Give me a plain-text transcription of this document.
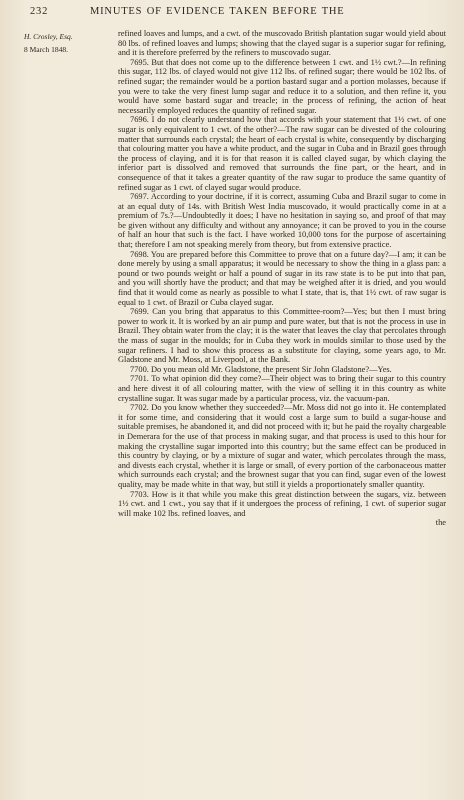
232	MINUTES OF EVIDENCE TAKEN BEFORE THE
H. Crosley, Esq.
8 March 1848.

refined loaves and lumps, and a cwt. of the muscovado British plantation sugar would yield about 80 lbs. of refined loaves and lumps; showing that the clayed sugar is a superior sugar for refining, and it is therefore preferred by the refiners to muscovado sugar.

7695. But that does not come up to the difference between 1 cwt. and 1½ cwt.?—In refining this sugar, 112 lbs. of clayed would not give 112 lbs. of refined sugar; there would be 102 lbs. of refined sugar; the remainder would be a portion bastard sugar and a portion molasses, because if you were to take the very finest lump sugar and reduce it to a solution, and then refine it, you would have some bastard sugar and treacle; in the process of refining, the action of heat necessarily employed reduces the quantity of refined sugar.

7696. I do not clearly understand how that accords with your statement that 1½ cwt. of one sugar is only equivalent to 1 cwt. of the other?—The raw sugar can be divested of the colouring matter that surrounds each crystal; the heart of each crystal is white, consequently by discharging that colouring matter you have a white product, and the sugar in Cuba and in Brazil goes through the process of claying, and it is for that reason it is called clayed sugar, by which claying the inferior part is dissolved and removed that surrounds the fine part, or the heart, and in consequence of that it takes a greater quantity of the raw sugar to produce the same quantity of refined sugar as 1 cwt. of clayed sugar would produce.

7697. According to your doctrine, if it is correct, assuming Cuba and Brazil sugar to come in at an equal duty of 14s. with British West India muscovado, it would practically come in at a premium of 7s.?—Undoubtedly it does; I have no hesitation in saying so, and proof of that may be given without any difficulty and without any annoyance; it can be proved to you in the course of half an hour that such is the fact. I have worked 10,000 tons for the purpose of ascertaining that; therefore I am not speaking merely from theory, but from extensive practice.

7698. You are prepared before this Committee to prove that on a future day?—I am; it can be done merely by using a small apparatus; it would be necessary to show the thing in a glass pan: a pound or two pounds weight or half a pound of sugar in its raw state is to be put into that pan, and you will shortly have the product; and that may be weighed after it is dried, and you would find that it would come as nearly as possible to what I state, that is, that 1½ cwt. of raw sugar is equal to 1 cwt. of Brazil or Cuba clayed sugar.

7699. Can you bring that apparatus to this Committee-room?—Yes; but then I must bring power to work it. It is worked by an air pump and pure water, but that is not the process in use in Brazil. They obtain water from the clay; it is the water that leaves the clay that percolates through the mass of sugar in the moulds; for in Cuba they work in moulds similar to those used by the sugar refiners. I had to show this process as a substitute for claying, some years ago, to Mr. Gladstone and Mr. Moss, at Liverpool, at the Bank.

7700. Do you mean old Mr. Gladstone, the present Sir John Gladstone?—Yes.

7701. To what opinion did they come?—Their object was to bring their sugar to this country and here divest it of all colouring matter, with the view of selling it in this country as white crystalline sugar. It was sugar made by a particular process, viz. the vacuum-pan.

7702. Do you know whether they succeeded?—Mr. Moss did not go into it. He contemplated it for some time, and considering that it would cost a large sum to build a sugar-house and suitable premises, he abandoned it, and did not proceed with it; but he paid the royalty chargeable in Demerara for the use of that process in making sugar, and that process is used to this hour for making the crystalline sugar imported into this country; but the same effect can be produced in this country by claying, or by a mixture of sugar and water, which percolates through the mass, and divests each crystal, whether it is large or small, of every portion of the carbonaceous matter which surrounds each crystal; and the brownest sugar that you can find, sugar even of the lowest quality, may be made white in that way, but still it yields a proportionately smaller quantity.

7703. How is it that while you make this great distinction between the sugars, viz. between 1½ cwt. and 1 cwt., you say that if it undergoes the process of refining, 1 cwt. of superior sugar will make 102 lbs. refined loaves, and

the
